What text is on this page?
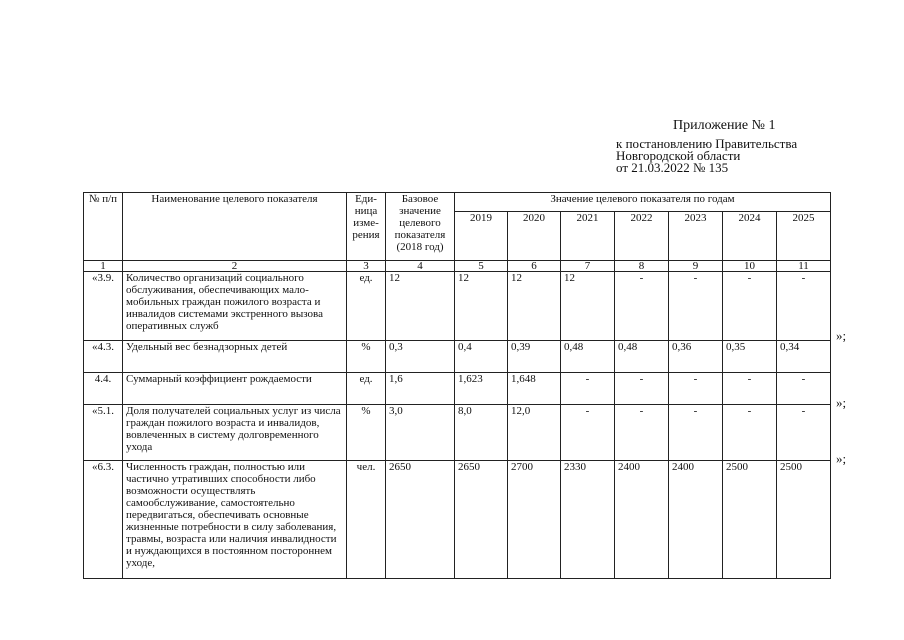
Приложение № 1
к постановлению Правительства
Новгородской области
от 21.03.2022 № 135
№ п/п	Наименование целевого показателя	Еди-ница изме-рения	Базовое значение целевого показателя (2018 год)	Значение целевого показателя по годам						
				2019	2020	2021	2022	2023	2024	2025
1	2	3	4	5	6	7	8	9	10	11
«3.9.	Количество организаций социального обслуживания, обеспечивающих мало-мобильных граждан пожилого возраста и инвалидов системами экстренного вызова оперативных служб	ед.	12	12	12	12	-	-	-	-
«4.3.	Удельный вес безнадзорных детей	%	0,3	0,4	0,39	0,48	0,48	0,36	0,35	0,34
4.4.	Суммарный коэффициент рождаемости	ед.	1,6	1,623	1,648	-	-	-	-	-
«5.1.	Доля получателей социальных услуг из числа граждан пожилого возраста и инвалидов, вовлеченных в систему долговременного ухода	%	3,0	8,0	12,0	-	-	-	-	-
«6.3.	Численность граждан, полностью или частично утративших способности либо возможности осуществлять самообслуживание, самостоятельно передвигаться, обеспечивать основные жизненные потребности в силу заболевания, травмы, возраста или наличия инвалидности и нуждающихся в постоянном постороннем уходе,	чел.	2650	2650	2700	2330	2400	2400	2500	2500
»;
»;
»;
